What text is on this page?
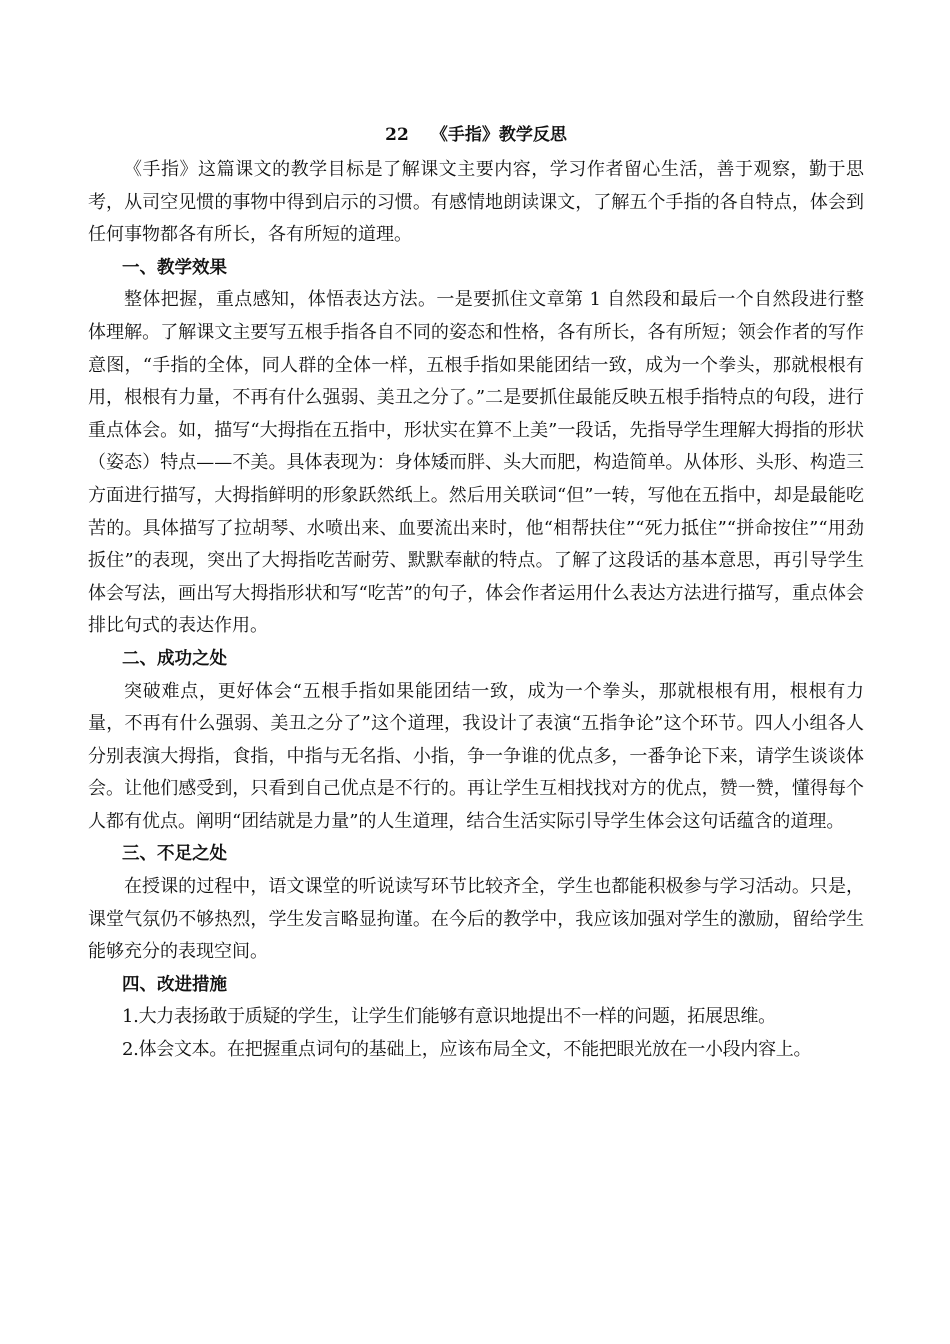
22 《手指》教学反思

《手指》这篇课文的教学目标是了解课文主要内容，学习作者留心生活，善于观察，勤于思考，从司空见惯的事物中得到启示的习惯。有感情地朗读课文，了解五个手指的各自特点，体会到任何事物都各有所长，各有所短的道理。

一、教学效果

整体把握，重点感知，体悟表达方法。一是要抓住文章第 1 自然段和最后一个自然段进行整体理解。了解课文主要写五根手指各自不同的姿态和性格，各有所长，各有所短；领会作者的写作意图，“手指的全体，同人群的全体一样，五根手指如果能团结一致，成为一个拳头，那就根根有用，根根有力量，不再有什么强弱、美丑之分了。”二是要抓住最能反映五根手指特点的句段，进行重点体会。如，描写“大拇指在五指中，形状实在算不上美”一段话，先指导学生理解大拇指的形状（姿态）特点——不美。具体表现为：身体矮而胖、头大而肥，构造简单。从体形、头形、构造三方面进行描写，大拇指鲜明的形象跃然纸上。然后用关联词“但”一转，写他在五指中，却是最能吃苦的。具体描写了拉胡琴、水喷出来、血要流出来时，他“相帮扶住”“死力抵住”“拼命按住”“用劲扳住”的表现，突出了大拇指吃苦耐劳、默默奉献的特点。了解了这段话的基本意思，再引导学生体会写法，画出写大拇指形状和写“吃苦”的句子，体会作者运用什么表达方法进行描写，重点体会排比句式的表达作用。

二、成功之处

突破难点，更好体会“五根手指如果能团结一致，成为一个拳头，那就根根有用，根根有力量，不再有什么强弱、美丑之分了”这个道理，我设计了表演“五指争论”这个环节。四人小组各人分别表演大拇指，食指，中指与无名指、小指，争一争谁的优点多，一番争论下来，请学生谈谈体会。让他们感受到，只看到自己优点是不行的。再让学生互相找找对方的优点，赞一赞，懂得每个人都有优点。阐明“团结就是力量”的人生道理，结合生活实际引导学生体会这句话蕴含的道理。

三、不足之处

在授课的过程中，语文课堂的听说读写环节比较齐全，学生也都能积极参与学习活动。只是，课堂气氛仍不够热烈，学生发言略显拘谨。在今后的教学中，我应该加强对学生的激励，留给学生能够充分的表现空间。

四、改进措施

1.大力表扬敢于质疑的学生，让学生们能够有意识地提出不一样的问题，拓展思维。

2.体会文本。在把握重点词句的基础上，应该布局全文，不能把眼光放在一小段内容上。
